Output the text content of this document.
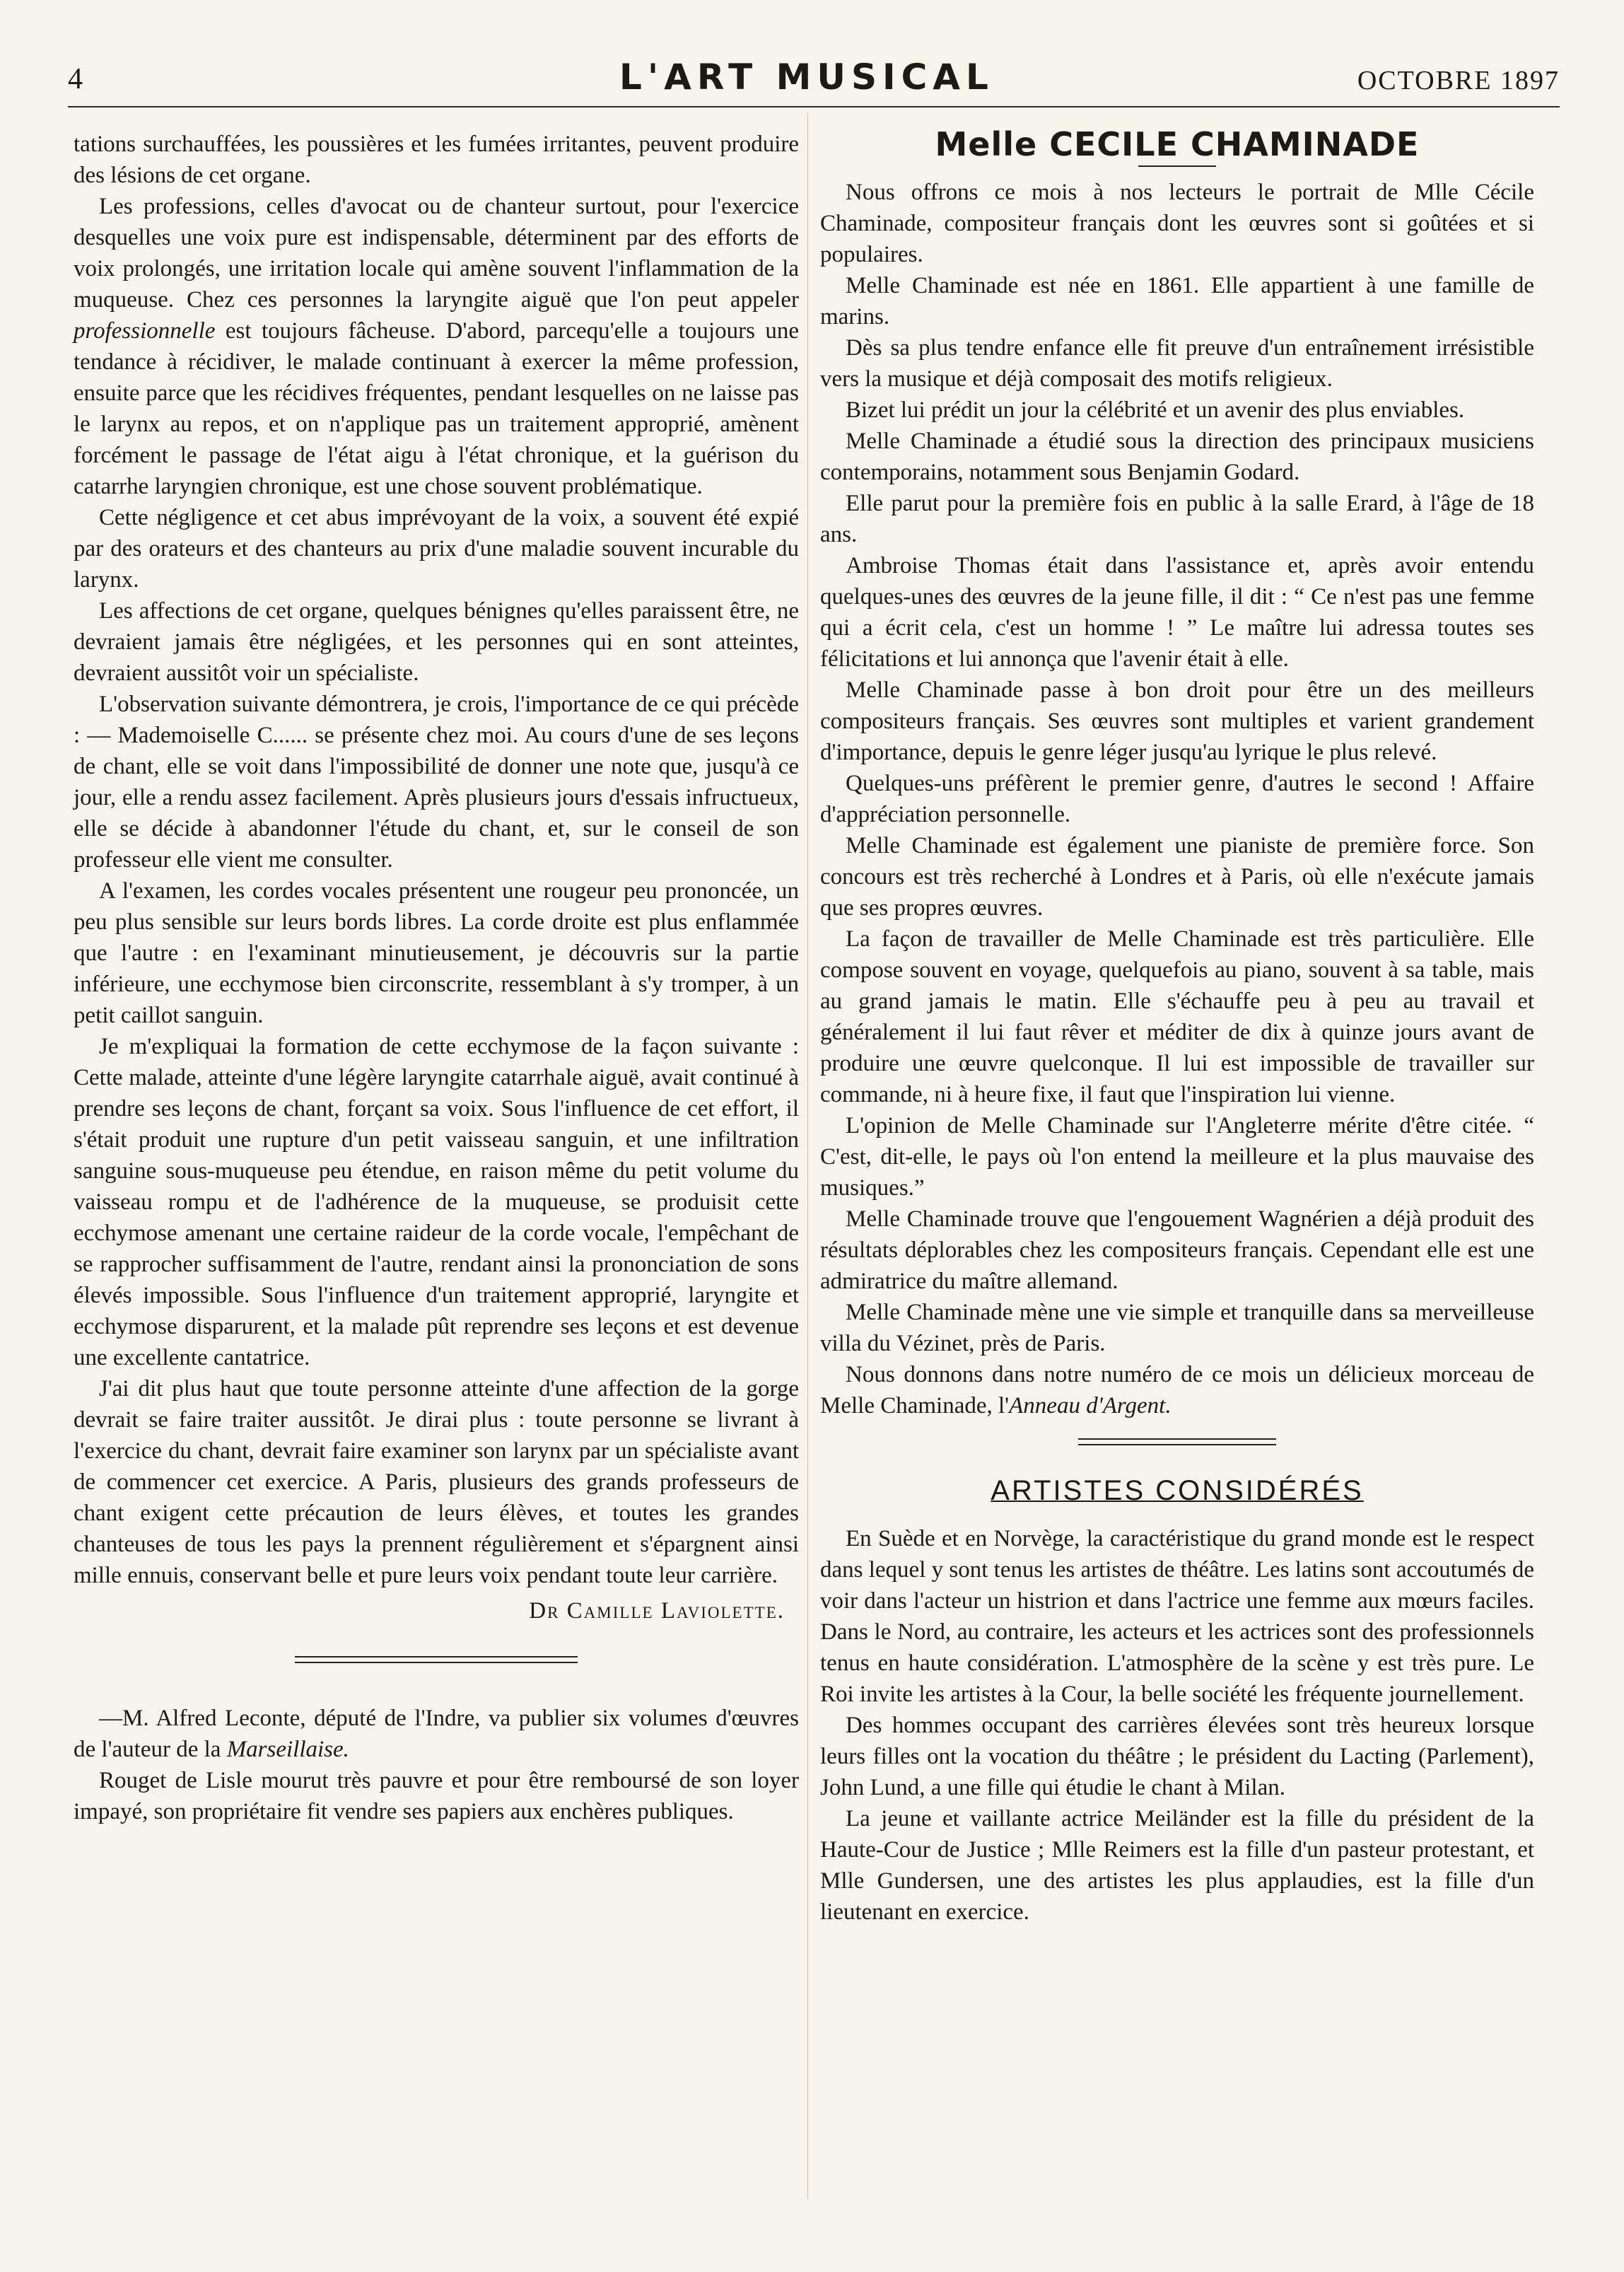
4	L'ART MUSICAL	OCTOBRE 1897

tations surchauffées, les poussières et les fumées irritantes, peuvent produire des lésions de cet organe.

Les professions, celles d'avocat ou de chanteur surtout, pour l'exercice desquelles une voix pure est indispensable, déterminent par des efforts de voix prolongés, une irritation locale qui amène souvent l'inflammation de la muqueuse. Chez ces personnes la laryngite aiguë que l'on peut appeler professionnelle est toujours fâcheuse. D'abord, parcequ'elle a toujours une tendance à récidiver, le malade continuant à exercer la même profession, ensuite parce que les récidives fréquentes, pendant lesquelles on ne laisse pas le larynx au repos, et on n'applique pas un traitement approprié, amènent forcément le passage de l'état aigu à l'état chronique, et la guérison du catarrhe laryngien chronique, est une chose souvent problématique.

Cette négligence et cet abus imprévoyant de la voix, a souvent été expié par des orateurs et des chanteurs au prix d'une maladie souvent incurable du larynx.

Les affections de cet organe, quelques bénignes qu'elles paraissent être, ne devraient jamais être négligées, et les personnes qui en sont atteintes, devraient aussitôt voir un spécialiste.

L'observation suivante démontrera, je crois, l'importance de ce qui précède : — Mademoiselle C...... se présente chez moi. Au cours d'une de ses leçons de chant, elle se voit dans l'impossibilité de donner une note que, jusqu'à ce jour, elle a rendu assez facilement. Après plusieurs jours d'essais infructueux, elle se décide à abandonner l'étude du chant, et, sur le conseil de son professeur elle vient me consulter.

A l'examen, les cordes vocales présentent une rougeur peu prononcée, un peu plus sensible sur leurs bords libres. La corde droite est plus enflammée que l'autre : en l'examinant minutieusement, je découvris sur la partie inférieure, une ecchymose bien circonscrite, ressemblant à s'y tromper, à un petit caillot sanguin.

Je m'expliquai la formation de cette ecchymose de la façon suivante : Cette malade, atteinte d'une légère laryngite catarrhale aiguë, avait continué à prendre ses leçons de chant, forçant sa voix. Sous l'influence de cet effort, il s'était produit une rupture d'un petit vaisseau sanguin, et une infiltration sanguine sous-muqueuse peu étendue, en raison même du petit volume du vaisseau rompu et de l'adhérence de la muqueuse, se produisit cette ecchymose amenant une certaine raideur de la corde vocale, l'empêchant de se rapprocher suffisamment de l'autre, rendant ainsi la prononciation de sons élevés impossible. Sous l'influence d'un traitement approprié, laryngite et ecchymose disparurent, et la malade pût reprendre ses leçons et est devenue une excellente cantatrice.

J'ai dit plus haut que toute personne atteinte d'une affection de la gorge devrait se faire traiter aussitôt. Je dirai plus : toute personne se livrant à l'exercice du chant, devrait faire examiner son larynx par un spécialiste avant de commencer cet exercice. A Paris, plusieurs des grands professeurs de chant exigent cette précaution de leurs élèves, et toutes les grandes chanteuses de tous les pays la prennent régulièrement et s'épargnent ainsi mille ennuis, conservant belle et pure leurs voix pendant toute leur carrière.

Dr Camille Laviolette.

—M. Alfred Leconte, député de l'Indre, va publier six volumes d'œuvres de l'auteur de la Marseillaise.

Rouget de Lisle mourut très pauvre et pour être remboursé de son loyer impayé, son propriétaire fit vendre ses papiers aux enchères publiques.

Melle CECILE CHAMINADE

Nous offrons ce mois à nos lecteurs le portrait de Mlle Cécile Chaminade, compositeur français dont les œuvres sont si goûtées et si populaires.

Melle Chaminade est née en 1861. Elle appartient à une famille de marins.

Dès sa plus tendre enfance elle fit preuve d'un entraînement irrésistible vers la musique et déjà composait des motifs religieux.

Bizet lui prédit un jour la célébrité et un avenir des plus enviables.

Melle Chaminade a étudié sous la direction des principaux musiciens contemporains, notamment sous Benjamin Godard.

Elle parut pour la première fois en public à la salle Erard, à l'âge de 18 ans.

Ambroise Thomas était dans l'assistance et, après avoir entendu quelques-unes des œuvres de la jeune fille, il dit : “ Ce n'est pas une femme qui a écrit cela, c'est un homme ! ” Le maître lui adressa toutes ses félicitations et lui annonça que l'avenir était à elle.

Melle Chaminade passe à bon droit pour être un des meilleurs compositeurs français. Ses œuvres sont multiples et varient grandement d'importance, depuis le genre léger jusqu'au lyrique le plus relevé.

Quelques-uns préfèrent le premier genre, d'autres le second ! Affaire d'appréciation personnelle.

Melle Chaminade est également une pianiste de première force. Son concours est très recherché à Londres et à Paris, où elle n'exécute jamais que ses propres œuvres.

La façon de travailler de Melle Chaminade est très particulière. Elle compose souvent en voyage, quelquefois au piano, souvent à sa table, mais au grand jamais le matin. Elle s'échauffe peu à peu au travail et généralement il lui faut rêver et méditer de dix à quinze jours avant de produire une œuvre quelconque. Il lui est impossible de travailler sur commande, ni à heure fixe, il faut que l'inspiration lui vienne.

L'opinion de Melle Chaminade sur l'Angleterre mérite d'être citée. “ C'est, dit-elle, le pays où l'on entend la meilleure et la plus mauvaise des musiques.”

Melle Chaminade trouve que l'engouement Wagnérien a déjà produit des résultats déplorables chez les compositeurs français. Cependant elle est une admiratrice du maître allemand.

Melle Chaminade mène une vie simple et tranquille dans sa merveilleuse villa du Vézinet, près de Paris.

Nous donnons dans notre numéro de ce mois un délicieux morceau de Melle Chaminade, l'Anneau d'Argent.

ARTISTES CONSIDÉRÉS

En Suède et en Norvège, la caractéristique du grand monde est le respect dans lequel y sont tenus les artistes de théâtre. Les latins sont accoutumés de voir dans l'acteur un histrion et dans l'actrice une femme aux mœurs faciles. Dans le Nord, au contraire, les acteurs et les actrices sont des professionnels tenus en haute considération. L'atmosphère de la scène y est très pure. Le Roi invite les artistes à la Cour, la belle société les fréquente journellement.

Des hommes occupant des carrières élevées sont très heureux lorsque leurs filles ont la vocation du théâtre ; le président du Lacting (Parlement), John Lund, a une fille qui étudie le chant à Milan.

La jeune et vaillante actrice Meiländer est la fille du président de la Haute-Cour de Justice ; Mlle Reimers est la fille d'un pasteur protestant, et Mlle Gundersen, une des artistes les plus applaudies, est la fille d'un lieutenant en exercice.
